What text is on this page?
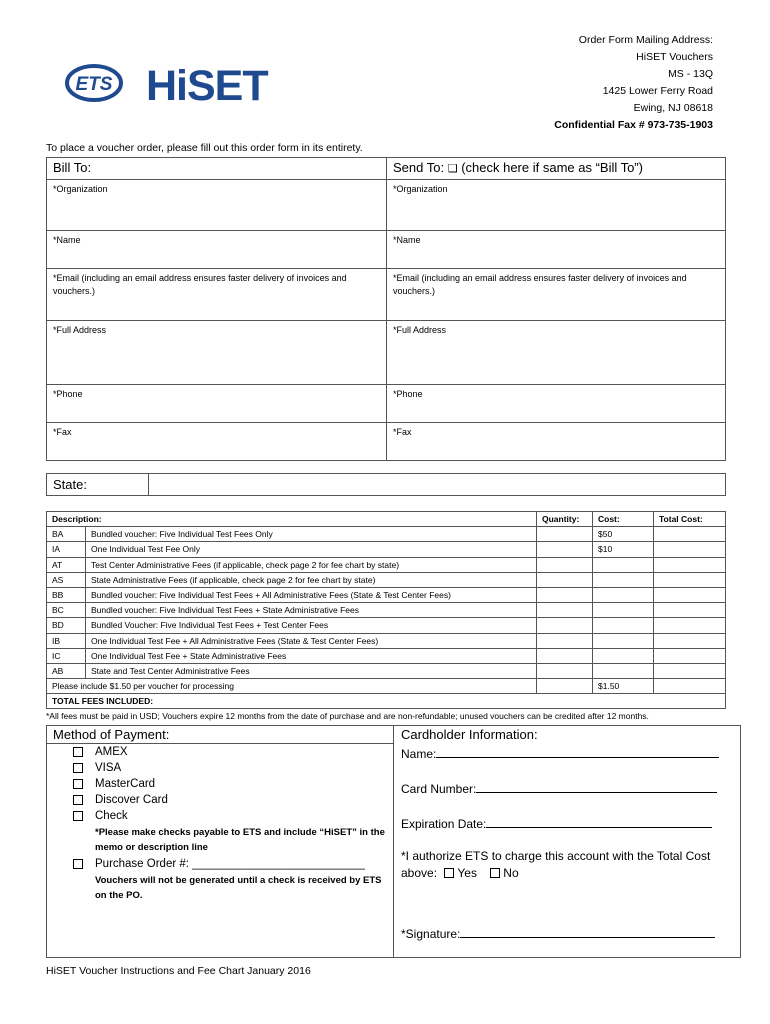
ETS HiSET
Order Form Mailing Address:
HiSET Vouchers
MS - 13Q
1425 Lower Ferry Road
Ewing, NJ 08618
Confidential Fax # 973-735-1903
To place a voucher order, please fill out this order form in its entirety.
Bill To:	Send To: ❑ (check here if same as “Bill To”)
*Organization	*Organization
*Name	*Name
*Email (including an email address ensures faster delivery of invoices and vouchers.)	*Email (including an email address ensures faster delivery of invoices and vouchers.)
*Full Address	*Full Address
*Phone	*Phone
*Fax	*Fax
State:	
Description:		Quantity:	Cost:	Total Cost:
BA	Bundled voucher: Five Individual Test Fees Only		$50	
IA	One Individual Test Fee Only		$10	
AT	Test Center Administrative Fees (if applicable, check page 2 for fee chart by state)			
AS	State Administrative Fees (if applicable, check page 2 for fee chart by state)			
BB	Bundled voucher: Five Individual Test Fees + All Administrative Fees (State & Test Center Fees)			
BC	Bundled voucher: Five Individual Test Fees + State Administrative Fees			
BD	Bundled Voucher: Five Individual Test Fees + Test Center Fees			
IB	One Individual Test Fee + All Administrative Fees (State & Test Center Fees)			
IC	One Individual Test Fee + State Administrative Fees			
AB	State and Test Center Administrative Fees			
Please include $1.50 per voucher for processing			$1.50	
TOTAL FEES INCLUDED:				
*All fees must be paid in USD; Vouchers expire 12 months from the date of purchase and are non-refundable; unused vouchers can be credited after 12 months.
Method of Payment:	Cardholder Information:
AMEX
VISA
MasterCard
Discover Card
Check
*Please make checks payable to ETS and include “HiSET” in the memo or description line
Purchase Order #: ___________________________
Vouchers will not be generated until a check is received by ETS on the PO.
Name:
Card Number:
Expiration Date:
*I authorize ETS to charge this account with the Total Cost
above: Yes No
*Signature:
HiSET Voucher Instructions and Fee Chart January 2016
